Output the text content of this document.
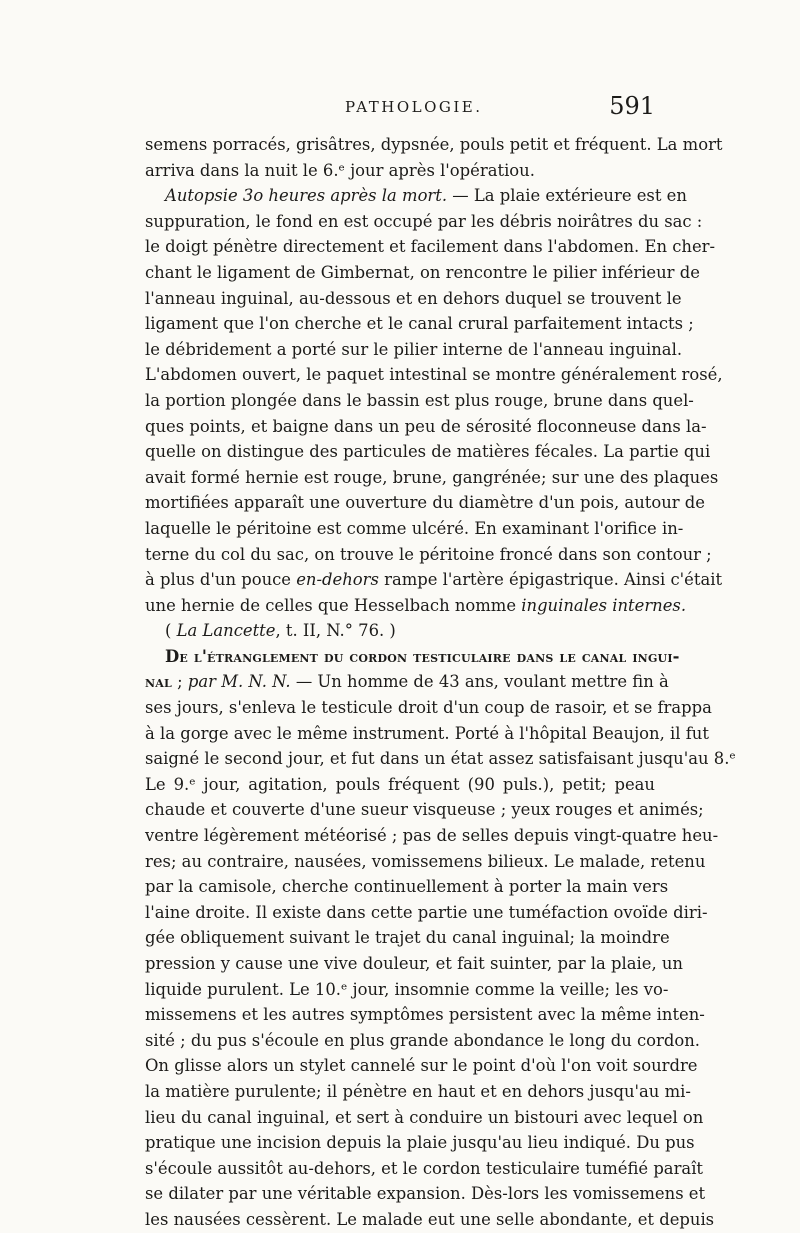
PATHOLOGIE.	591
semens porracés, grisâtres, dypsnée, pouls petit et fréquent. La mort
arriva dans la nuit le 6.ᵉ jour après l'opératiou.
Autopsie 3o heures après la mort. — La plaie extérieure est en
suppuration, le fond en est occupé par les débris noirâtres du sac :
le doigt pénètre directement et facilement dans l'abdomen. En cher-
chant le ligament de Gimbernat, on rencontre le pilier inférieur de
l'anneau inguinal, au-dessous et en dehors duquel se trouvent le
ligament que l'on cherche et le canal crural parfaitement intacts ;
le débridement a porté sur le pilier interne de l'anneau inguinal.
L'abdomen ouvert, le paquet intestinal se montre généralement rosé,
la portion plongée dans le bassin est plus rouge, brune dans quel-
ques points, et baigne dans un peu de sérosité floconneuse dans la-
quelle on distingue des particules de matières fécales. La partie qui
avait formé hernie est rouge, brune, gangrénée; sur une des plaques
mortifiées apparaît une ouverture du diamètre d'un pois, autour de
laquelle le péritoine est comme ulcéré. En examinant l'orifice in-
terne du col du sac, on trouve le péritoine froncé dans son contour ;
à plus d'un pouce en-dehors rampe l'artère épigastrique. Ainsi c'était
une hernie de celles que Hesselbach nomme inguinales internes.
( La Lancette, t. II, N.° 76. )
De l'étranglement du cordon testiculaire dans le canal ingui-
nal ; par M. N. N. — Un homme de 43 ans, voulant mettre fin à
ses jours, s'enleva le testicule droit d'un coup de rasoir, et se frappa
à la gorge avec le même instrument. Porté à l'hôpital Beaujon, il fut
saigné le second jour, et fut dans un état assez satisfaisant jusqu'au 8.ᵉ
Le 9.ᵉ jour, agitation, pouls fréquent (90 puls.), petit; peau
chaude et couverte d'une sueur visqueuse ; yeux rouges et animés;
ventre légèrement météorisé ; pas de selles depuis vingt-quatre heu-
res; au contraire, nausées, vomissemens bilieux. Le malade, retenu
par la camisole, cherche continuellement à porter la main vers
l'aine droite. Il existe dans cette partie une tuméfaction ovoïde diri-
gée obliquement suivant le trajet du canal inguinal; la moindre
pression y cause une vive douleur, et fait suinter, par la plaie, un
liquide purulent. Le 10.ᵉ jour, insomnie comme la veille; les vo-
missemens et les autres symptômes persistent avec la même inten-
sité ; du pus s'écoule en plus grande abondance le long du cordon.
On glisse alors un stylet cannelé sur le point d'où l'on voit sourdre
la matière purulente; il pénètre en haut et en dehors jusqu'au mi-
lieu du canal inguinal, et sert à conduire un bistouri avec lequel on
pratique une incision depuis la plaie jusqu'au lieu indiqué. Du pus
s'écoule aussitôt au-dehors, et le cordon testiculaire tuméfié paraît
se dilater par une véritable expansion. Dès-lors les vomissemens et
les nausées cessèrent. Le malade eut une selle abondante, et depuis
